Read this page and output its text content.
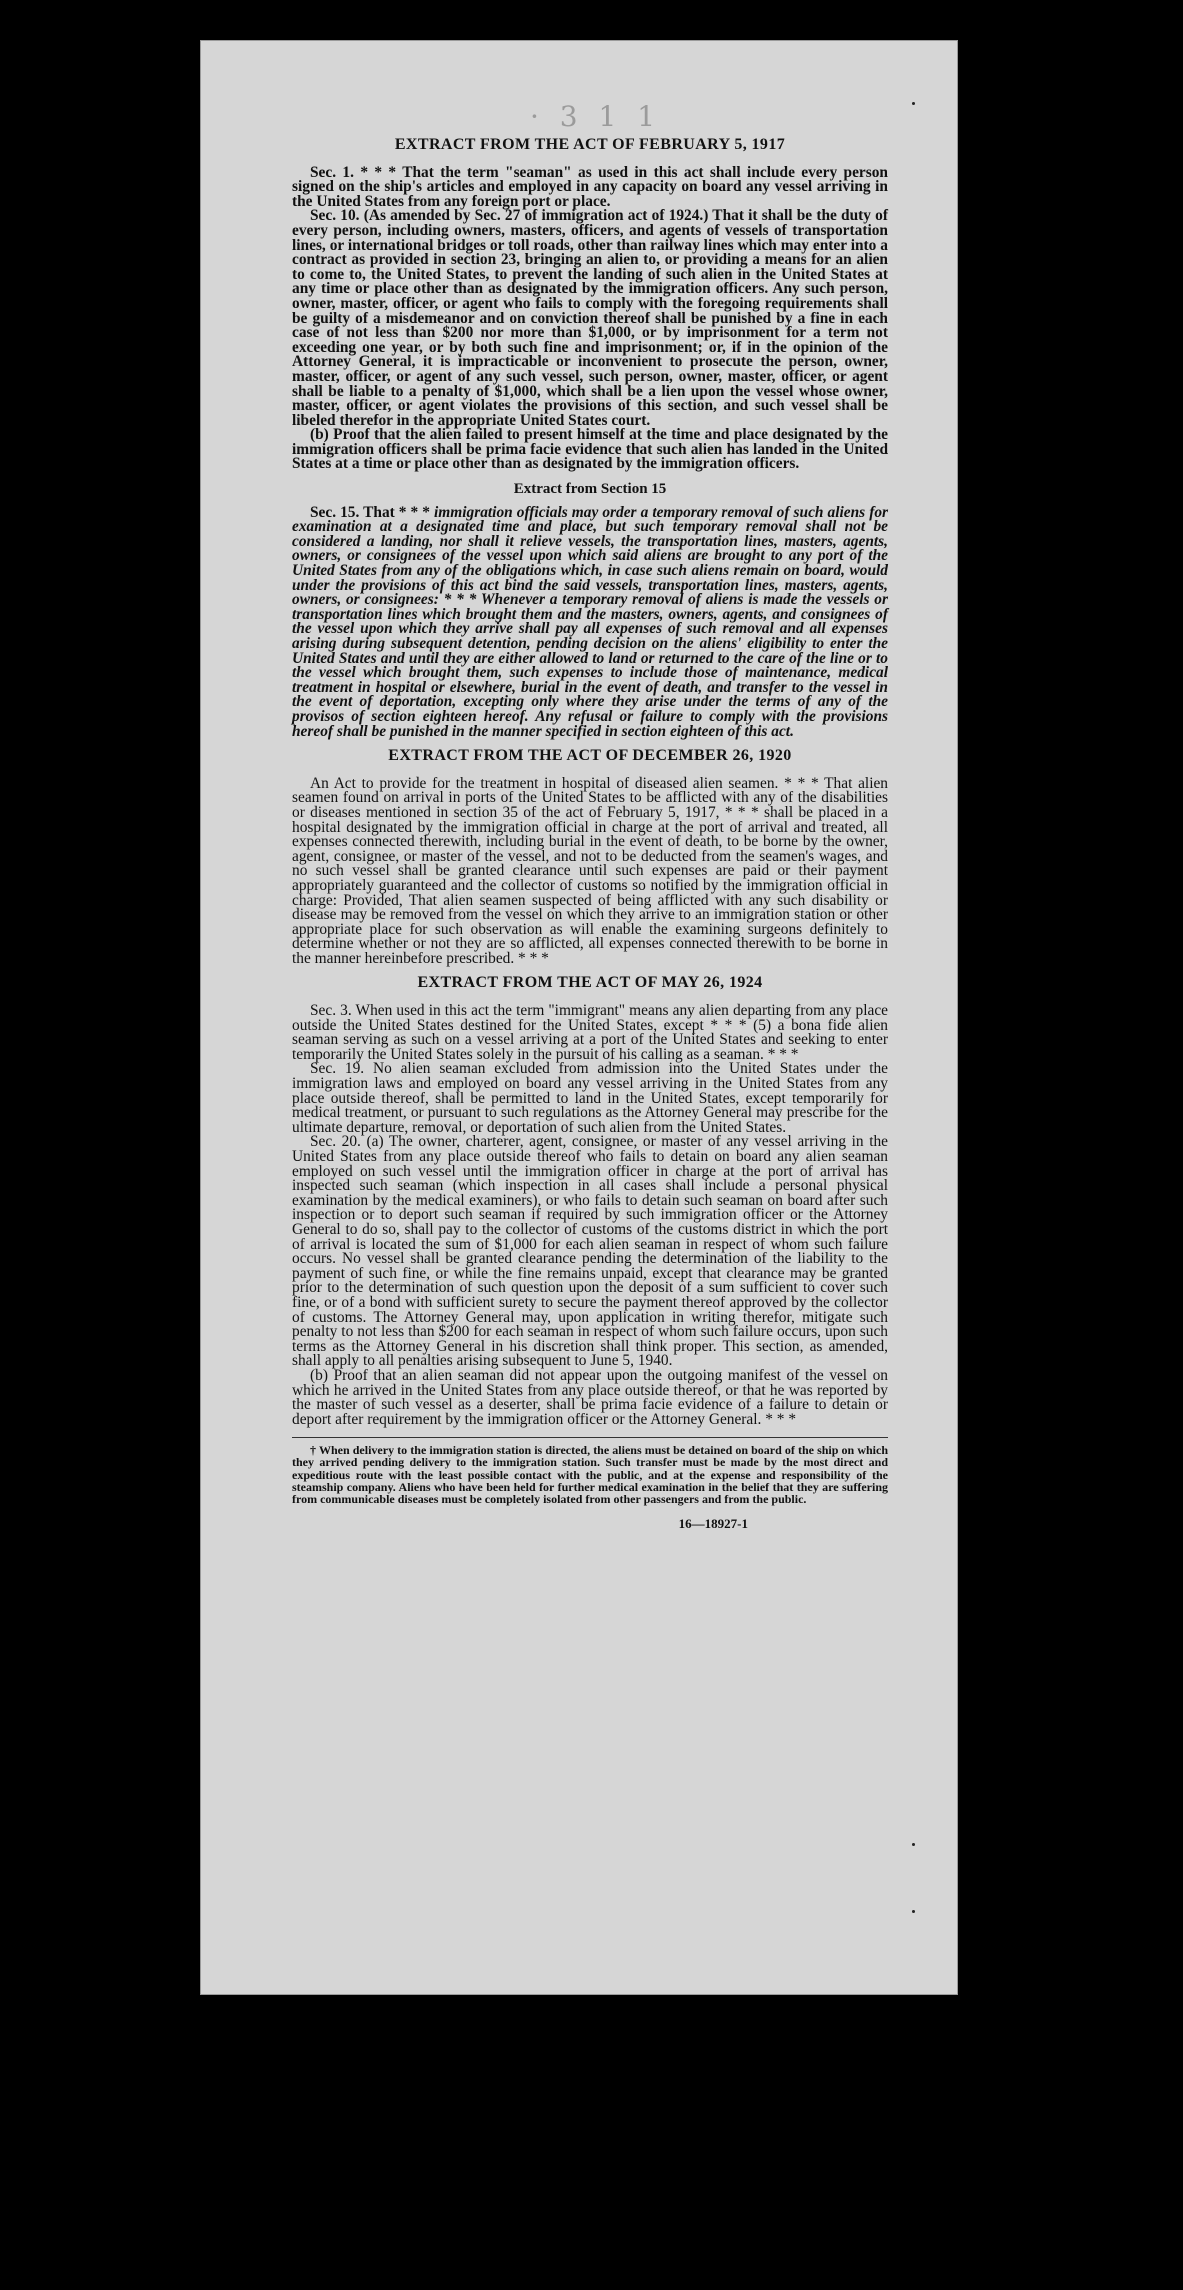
· 3 1 1
EXTRACT FROM THE ACT OF FEBRUARY 5, 1917

Sec. 1. * * * That the term "seaman" as used in this act shall include every person signed on the ship's articles and employed in any capacity on board any vessel arriving in the United States from any foreign port or place.

Sec. 10. (As amended by Sec. 27 of immigration act of 1924.) That it shall be the duty of every person, including owners, masters, officers, and agents of vessels of transportation lines, or international bridges or toll roads, other than railway lines which may enter into a contract as provided in section 23, bringing an alien to, or providing a means for an alien to come to, the United States, to prevent the landing of such alien in the United States at any time or place other than as designated by the immigration officers. Any such person, owner, master, officer, or agent who fails to comply with the foregoing requirements shall be guilty of a misdemeanor and on conviction thereof shall be punished by a fine in each case of not less than $200 nor more than $1,000, or by imprisonment for a term not exceeding one year, or by both such fine and imprisonment; or, if in the opinion of the Attorney General, it is impracticable or inconvenient to prosecute the person, owner, master, officer, or agent of any such vessel, such person, owner, master, officer, or agent shall be liable to a penalty of $1,000, which shall be a lien upon the vessel whose owner, master, officer, or agent violates the provisions of this section, and such vessel shall be libeled therefor in the appropriate United States court.

(b) Proof that the alien failed to present himself at the time and place designated by the immigration officers shall be prima facie evidence that such alien has landed in the United States at a time or place other than as designated by the immigration officers.

Extract from Section 15

Sec. 15. That * * * immigration officials may order a temporary removal of such aliens for examination at a designated time and place, but such temporary removal shall not be considered a landing, nor shall it relieve vessels, the transportation lines, masters, agents, owners, or consignees of the vessel upon which said aliens are brought to any port of the United States from any of the obligations which, in case such aliens remain on board, would under the provisions of this act bind the said vessels, transportation lines, masters, agents, owners, or consignees: * * * Whenever a temporary removal of aliens is made the vessels or transportation lines which brought them and the masters, owners, agents, and consignees of the vessel upon which they arrive shall pay all expenses of such removal and all expenses arising during subsequent detention, pending decision on the aliens' eligibility to enter the United States and until they are either allowed to land or returned to the care of the line or to the vessel which brought them, such expenses to include those of maintenance, medical treatment in hospital or elsewhere, burial in the event of death, and transfer to the vessel in the event of deportation, excepting only where they arise under the terms of any of the provisos of section eighteen hereof. Any refusal or failure to comply with the provisions hereof shall be punished in the manner specified in section eighteen of this act.

EXTRACT FROM THE ACT OF DECEMBER 26, 1920

An Act to provide for the treatment in hospital of diseased alien seamen. * * * That alien seamen found on arrival in ports of the United States to be afflicted with any of the disabilities or diseases mentioned in section 35 of the act of February 5, 1917, * * * shall be placed in a hospital designated by the immigration official in charge at the port of arrival and treated, all expenses connected therewith, including burial in the event of death, to be borne by the owner, agent, consignee, or master of the vessel, and not to be deducted from the seamen's wages, and no such vessel shall be granted clearance until such expenses are paid or their payment appropriately guaranteed and the collector of customs so notified by the immigration official in charge: Provided, That alien seamen suspected of being afflicted with any such disability or disease may be removed from the vessel on which they arrive to an immigration station or other appropriate place for such observation as will enable the examining surgeons definitely to determine whether or not they are so afflicted, all expenses connected therewith to be borne in the manner hereinbefore prescribed. * * *

EXTRACT FROM THE ACT OF MAY 26, 1924

Sec. 3. When used in this act the term "immigrant" means any alien departing from any place outside the United States destined for the United States, except * * * (5) a bona fide alien seaman serving as such on a vessel arriving at a port of the United States and seeking to enter temporarily the United States solely in the pursuit of his calling as a seaman. * * *

Sec. 19. No alien seaman excluded from admission into the United States under the immigration laws and employed on board any vessel arriving in the United States from any place outside thereof, shall be permitted to land in the United States, except temporarily for medical treatment, or pursuant to such regulations as the Attorney General may prescribe for the ultimate departure, removal, or deportation of such alien from the United States.

Sec. 20. (a) The owner, charterer, agent, consignee, or master of any vessel arriving in the United States from any place outside thereof who fails to detain on board any alien seaman employed on such vessel until the immigration officer in charge at the port of arrival has inspected such seaman (which inspection in all cases shall include a personal physical examination by the medical examiners), or who fails to detain such seaman on board after such inspection or to deport such seaman if required by such immigration officer or the Attorney General to do so, shall pay to the collector of customs of the customs district in which the port of arrival is located the sum of $1,000 for each alien seaman in respect of whom such failure occurs. No vessel shall be granted clearance pending the determination of the liability to the payment of such fine, or while the fine remains unpaid, except that clearance may be granted prior to the determination of such question upon the deposit of a sum sufficient to cover such fine, or of a bond with sufficient surety to secure the payment thereof approved by the collector of customs. The Attorney General may, upon application in writing therefor, mitigate such penalty to not less than $200 for each seaman in respect of whom such failure occurs, upon such terms as the Attorney General in his discretion shall think proper. This section, as amended, shall apply to all penalties arising subsequent to June 5, 1940.

(b) Proof that an alien seaman did not appear upon the outgoing manifest of the vessel on which he arrived in the United States from any place outside thereof, or that he was reported by the master of such vessel as a deserter, shall be prima facie evidence of a failure to detain or deport after requirement by the immigration officer or the Attorney General. * * *

† When delivery to the immigration station is directed, the aliens must be detained on board of the ship on which they arrived pending delivery to the immigration station. Such transfer must be made by the most direct and expeditious route with the least possible contact with the public, and at the expense and responsibility of the steamship company. Aliens who have been held for further medical examination in the belief that they are suffering from communicable diseases must be completely isolated from other passengers and from the public.

16—18927-1
